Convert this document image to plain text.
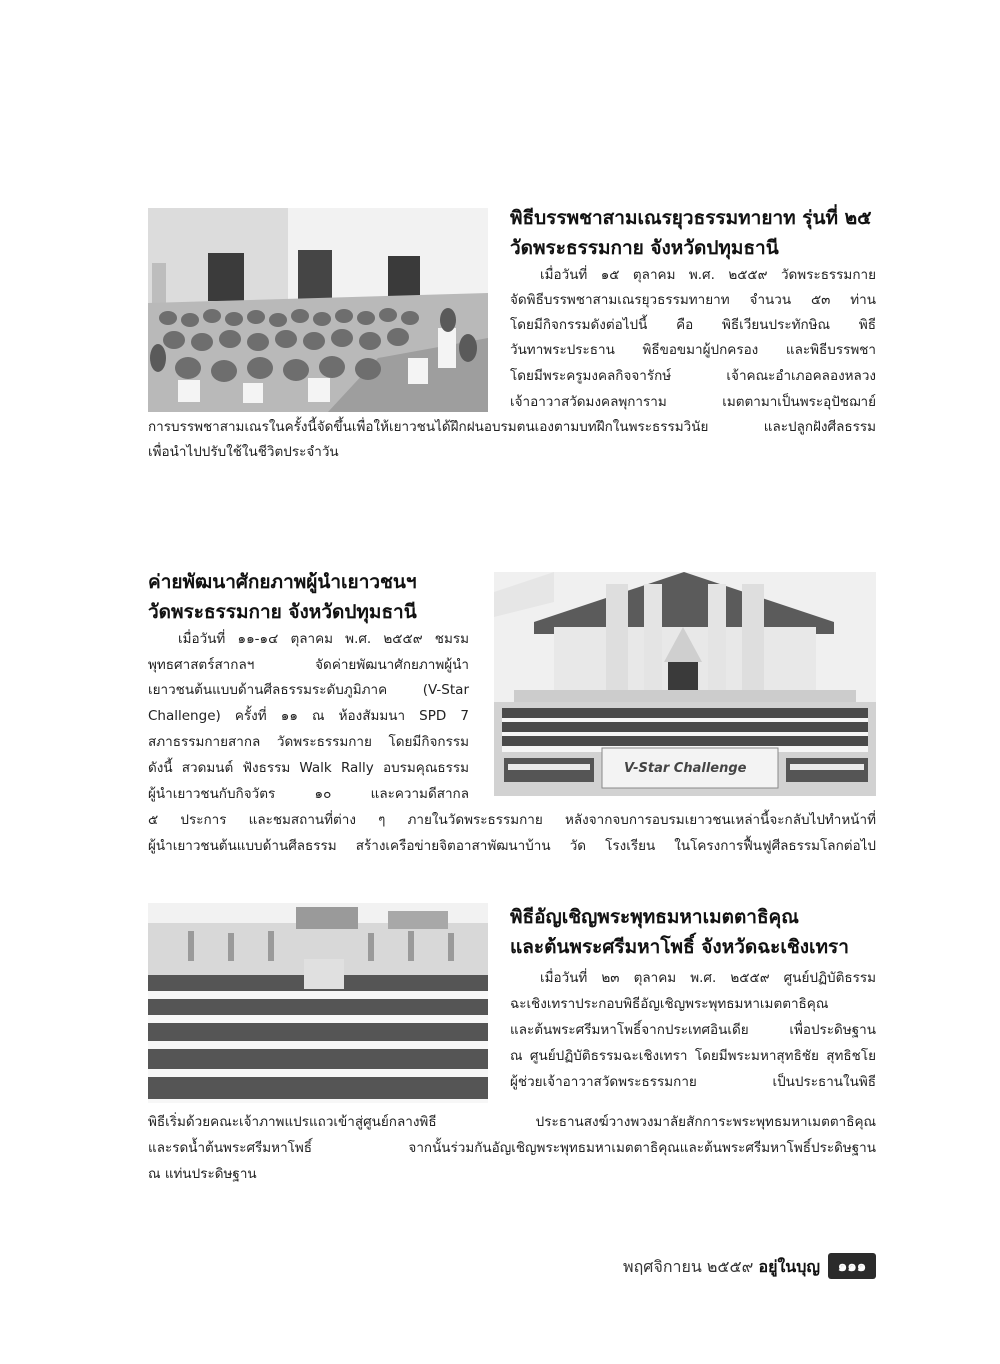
พิธีบรรพชาสามเณรยุวธรรมทายาท รุ่นที่ ๒๕
วัดพระธรรมกาย จังหวัดปทุมธานี

เมื่อวันที่ ๑๕ ตุลาคม พ.ศ. ๒๕๕๙ วัดพระธรรมกาย

จัดพิธีบรรพชาสามเณรยุวธรรมทายาท จำนวน ๕๓ ท่าน

โดยมีกิจกรรมดังต่อไปนี้ คือ พิธีเวียนประทักษิณ พิธี

วันทาพระประธาน พิธีขอขมาผู้ปกครอง และพิธีบรรพชา

โดยมีพระครูมงคลกิจจารักษ์ เจ้าคณะอำเภอคลองหลวง

เจ้าอาวาสวัดมงคลพุการาม เมตตามาเป็นพระอุปัชฌาย์

การบรรพชาสามเณรในครั้งนี้จัดขึ้นเพื่อให้เยาวชนได้ฝึกฝนอบรมตนเองตามบทฝึกในพระธรรมวินัย และปลูกฝังศีลธรรม

เพื่อนำไปปรับใช้ในชีวิตประจำวัน

ค่ายพัฒนาศักยภาพผู้นำเยาวชนฯ
วัดพระธรรมกาย จังหวัดปทุมธานี

เมื่อวันที่ ๑๑-๑๔ ตุลาคม พ.ศ. ๒๕๕๙ ชมรม

พุทธศาสตร์สากลฯ จัดค่ายพัฒนาศักยภาพผู้นำ

เยาวชนต้นแบบด้านศีลธรรมระดับภูมิภาค (V-Star

Challenge) ครั้งที่ ๑๑ ณ ห้องสัมมนา SPD 7

สภาธรรมกายสากล วัดพระธรรมกาย โดยมีกิจกรรม

ดังนี้ สวดมนต์ ฟังธรรม Walk Rally อบรมคุณธรรม

ผู้นำเยาวชนกับกิจวัตร ๑๐ และความดีสากล

๕ ประการ และชมสถานที่ต่าง ๆ ภายในวัดพระธรรมกาย หลังจากจบการอบรมเยาวชนเหล่านี้จะกลับไปทำหน้าที่

ผู้นำเยาวชนต้นแบบด้านศีลธรรม สร้างเครือข่ายจิตอาสาพัฒนาบ้าน วัด โรงเรียน ในโครงการฟื้นฟูศีลธรรมโลกต่อไป

V-Star Challenge
พิธีอัญเชิญพระพุทธมหาเมตตาธิคุณ
และต้นพระศรีมหาโพธิ์ จังหวัดฉะเชิงเทรา

เมื่อวันที่ ๒๓ ตุลาคม พ.ศ. ๒๕๕๙ ศูนย์ปฏิบัติธรรม

ฉะเชิงเทราประกอบพิธีอัญเชิญพระพุทธมหาเมตตาธิคุณ

และต้นพระศรีมหาโพธิ์จากประเทศอินเดีย เพื่อประดิษฐาน

ณ ศูนย์ปฏิบัติธรรมฉะเชิงเทรา โดยมีพระมหาสุทธิชัย สุทธิชโย

ผู้ช่วยเจ้าอาวาสวัดพระธรรมกาย เป็นประธานในพิธี

พิธีเริ่มด้วยคณะเจ้าภาพแปรแถวเข้าสู่ศูนย์กลางพิธี ประธานสงฆ์วางพวงมาลัยสักการะพระพุทธมหาเมตตาธิคุณ

และรดน้ำต้นพระศรีมหาโพธิ์ จากนั้นร่วมกันอัญเชิญพระพุทธมหาเมตตาธิคุณและต้นพระศรีมหาโพธิ์ประดิษฐาน

ณ แท่นประดิษฐาน

พฤศจิกายน ๒๕๕๙ อยู่ในบุญ	๑๑๑
